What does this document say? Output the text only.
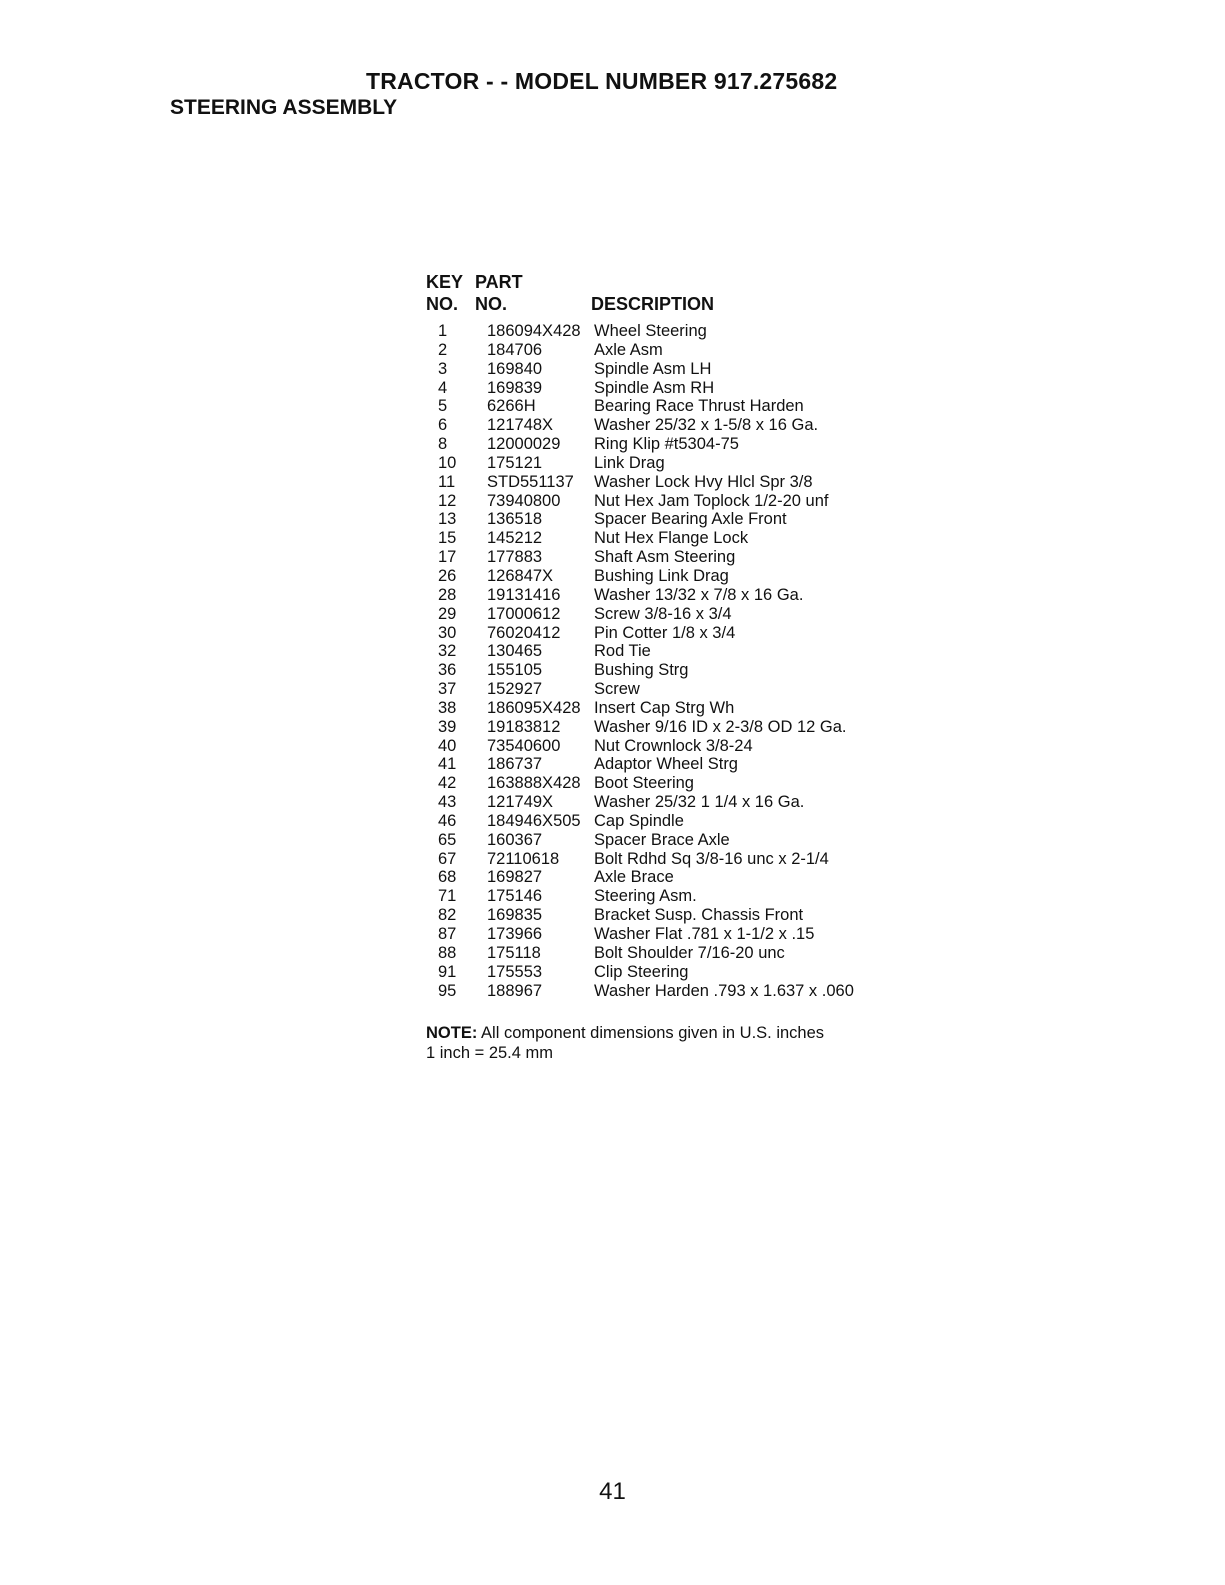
TRACTOR - - MODEL NUMBER 917.275682
STEERING ASSEMBLY
KEY PART
NO. NO.	DESCRIPTION
1 186094X428 Wheel Steering
2 184706	Axle Asm
3 169840	Spindle Asm LH
4 169839	Spindle Asm RH
5 6266H	Bearing Race Thrust Harden
6 121748X Washer 25/32 x 1-5/8 x 16 Ga.
8 12000029 Ring Klip #t5304-75
10 175121	Link Drag
11 STD551137 Washer Lock Hvy Hlcl Spr 3/8
12 73940800 Nut Hex Jam Toplock 1/2-20 unf
13 136518	Spacer Bearing Axle Front
15 145212	Nut Hex Flange Lock
17 177883	Shaft Asm Steering
26 126847X Bushing Link Drag
28 19131416 Washer 13/32 x 7/8 x 16 Ga.
29 17000612 Screw 3/8-16 x 3/4
30 76020412 Pin Cotter 1/8 x 3/4
32 130465	Rod Tie
36 155105	Bushing Strg
37 152927	Screw
38 186095X428 Insert Cap Strg Wh
39 19183812 Washer 9/16 ID x 2-3/8 OD 12 Ga.
40 73540600 Nut Crownlock 3/8-24
41 186737	Adaptor Wheel Strg
42 163888X428 Boot Steering
43 121749X Washer 25/32 1 1/4 x 16 Ga.
46 184946X505 Cap Spindle
65 160367	Spacer Brace Axle
67 72110618 Bolt Rdhd Sq 3/8-16 unc x 2-1/4
68 169827	Axle Brace
71 175146	Steering Asm.
82 169835	Bracket Susp. Chassis Front
87 173966	Washer Flat .781 x 1-1/2 x .15
88 175118	Bolt Shoulder 7/16-20 unc
91 175553	Clip Steering
95 188967	Washer Harden .793 x 1.637 x .060
NOTE: All component dimensions given in U.S. inches
1 inch = 25.4 mm
41
